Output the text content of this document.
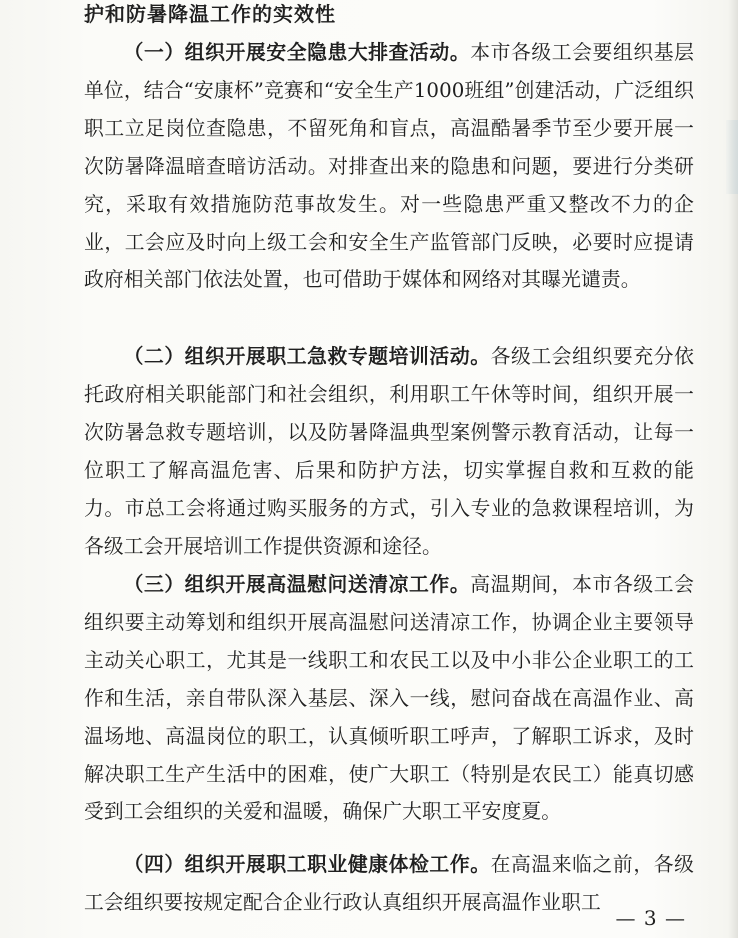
护和防暑降温工作的实效性

（一）组织开展安全隐患大排查活动。本市各级工会要组织基层单位，结合“安康杯”竞赛和“安全生产1000班组”创建活动，广泛组织职工立足岗位查隐患，不留死角和盲点，高温酷暑季节至少要开展一次防暑降温暗查暗访活动。对排查出来的隐患和问题，要进行分类研究，采取有效措施防范事故发生。对一些隐患严重又整改不力的企业，工会应及时向上级工会和安全生产监管部门反映，必要时应提请政府相关部门依法处置，也可借助于媒体和网络对其曝光谴责。

（二）组织开展职工急救专题培训活动。各级工会组织要充分依托政府相关职能部门和社会组织，利用职工午休等时间，组织开展一次防暑急救专题培训，以及防暑降温典型案例警示教育活动，让每一位职工了解高温危害、后果和防护方法，切实掌握自救和互救的能力。市总工会将通过购买服务的方式，引入专业的急救课程培训，为各级工会开展培训工作提供资源和途径。

（三）组织开展高温慰问送清凉工作。高温期间，本市各级工会组织要主动筹划和组织开展高温慰问送清凉工作，协调企业主要领导主动关心职工，尤其是一线职工和农民工以及中小非公企业职工的工作和生活，亲自带队深入基层、深入一线，慰问奋战在高温作业、高温场地、高温岗位的职工，认真倾听职工呼声，了解职工诉求，及时解决职工生产生活中的困难，使广大职工（特别是农民工）能真切感受到工会组织的关爱和温暖，确保广大职工平安度夏。

（四）组织开展职工职业健康体检工作。在高温来临之前，各级工会组织要按规定配合企业行政认真组织开展高温作业职工

— 3 —
